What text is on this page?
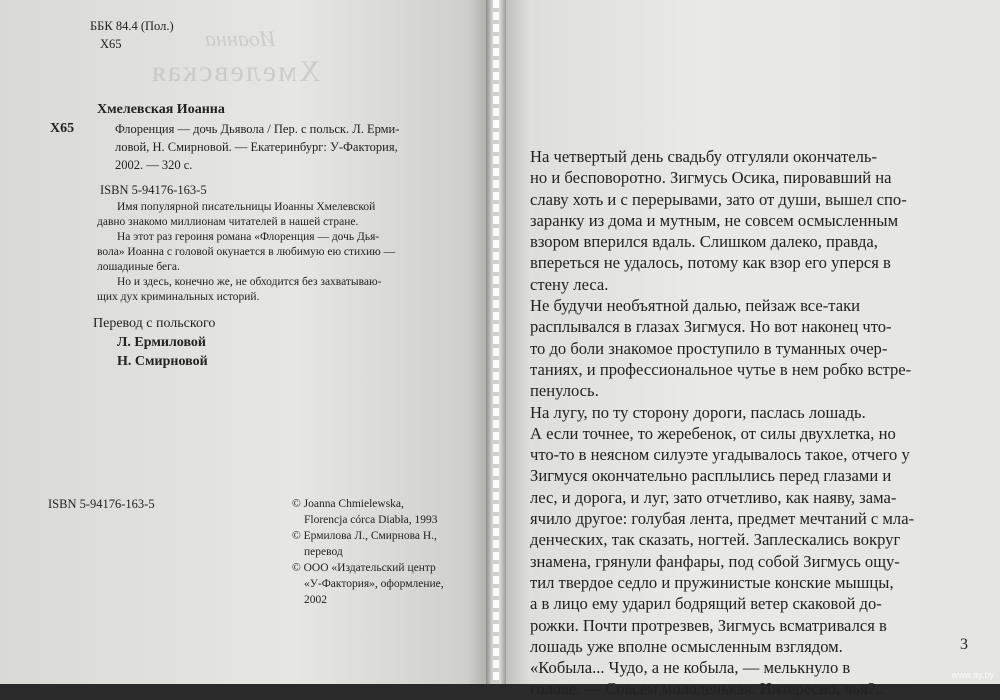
Хмелевская
Иоанна
ББК 84.4 (Пол.)
Х65
Хмелевская Иоанна
Х65	Флоренция — дочь Дьявола / Пер. с польск. Л. Ерми-
ловой, Н. Смирновой. — Екатеринбург: У-Фактория,
2002. — 320 с.
ISBN 5-94176-163-5
Имя популярной писательницы Иоанны Хмелевской
давно знакомо миллионам читателей в нашей стране.
На этот раз героиня романа «Флоренция — дочь Дья-
вола» Иоанна с головой окунается в любимую ею стихию —
лошадиные бега.
Но и здесь, конечно же, не обходится без захватываю-
щих дух криминальных историй.
Перевод с польского
Л. Ермиловой
Н. Смирновой
ISBN 5-94176-163-5	© Joanna Chmielewska,
Florencja córca Diabła, 1993
© Ермилова Л., Смирнова Н.,
перевод
© ООО «Издательский центр
«У-Фактория», оформление,
2002
На четвертый день свадьбу отгуляли окончатель-
но и бесповоротно. Зигмусь Осика, пировавший на
славу хоть и с перерывами, зато от души, вышел спо-
заранку из дома и мутным, не совсем осмысленным
взором вперился вдаль. Слишком далеко, правда,
впереться не удалось, потому как взор его уперся в
стену леса.
Не будучи необъятной далью, пейзаж все-таки
расплывался в глазах Зигмуся. Но вот наконец что-
то до боли знакомое проступило в туманных очер-
таниях, и профессиональное чутье в нем робко встре-
пенулось.
На лугу, по ту сторону дороги, паслась лошадь.
А если точнее, то жеребенок, от силы двухлетка, но
что-то в неясном силуэте угадывалось такое, отчего у
Зигмуся окончательно расплылись перед глазами и
лес, и дорога, и луг, зато отчетливо, как наяву, зама-
ячило другое: голубая лента, предмет мечтаний с мла-
денческих, так сказать, ногтей. Заплескались вокруг
знамена, грянули фанфары, под собой Зигмусь ощу-
тил твердое седло и пружинистые конские мышцы,
а в лицо ему ударил бодрящий ветер скаковой до-
рожки. Почти протрезвев, Зигмусь всматривался в
лошадь уже вполне осмысленным взглядом.
«Кобыла... Чудо, а не кобыла, — мелькнуло в
голове. — Совсем молоденькая. Интересно, чья?..
3
www.ay.by
